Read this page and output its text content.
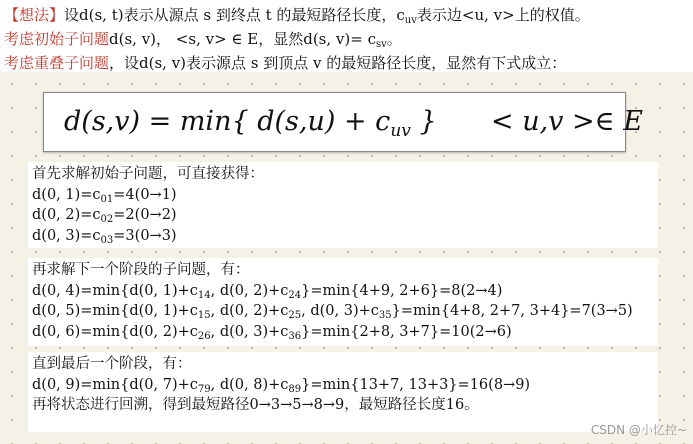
【想法】设d(s, t)表示从源点 s 到终点 t 的最短路径长度，$c_{uv}$表示边<u, v>上的权值。
考虑初始子问题d(s, v)， <s, v> ∈ E，显然d(s, $v)= c_{sv}$。
考虑重叠子问题，设d(s, v)表示源点 s 到顶点 v 的最短路径长度，显然有下式成立：
d(s,v) = min{ $d(s,u) + c_{uv}$ } < u,v >∈ E
首先求解初始子问题，可直接获得：
d(0, $1)=c_{01}=4(0\to 1)$
d(0, $2)=c_{02}=2(0\to 2)$
d(0, $3)=c_{03}=3(0\to 3)$
再求解下一个阶段的子问题，有：
d(0, 4)=min{d(0, $1)+c_{14}$, d(0, $2)+c_{24}\}=\min\{4+9$, 2+6}=8(2→4)
d(0, 5)=min{d(0, $1)+c_{15}$, d(0, $2)+c_{25}$, d(0, $3)+c_{35}\}=\min\{4+8$, 2+7, 3+4}=7(3→5)
d(0, 6)=min{d(0, $2)+c_{26}$, d(0, $3)+c_{36}\}=\min\{2+8$, 3+7}=10(2→6)
直到最后一个阶段，有：
d(0, 9)=min{d(0, $7)+c_{79}$, d(0, $8)+c_{89}\}=\min\{13+7$, 13+3}=16(8→9)
再将状态进行回溯，得到最短路径0→3→5→8→9，最短路径长度16。
CSDN @小忆控~
